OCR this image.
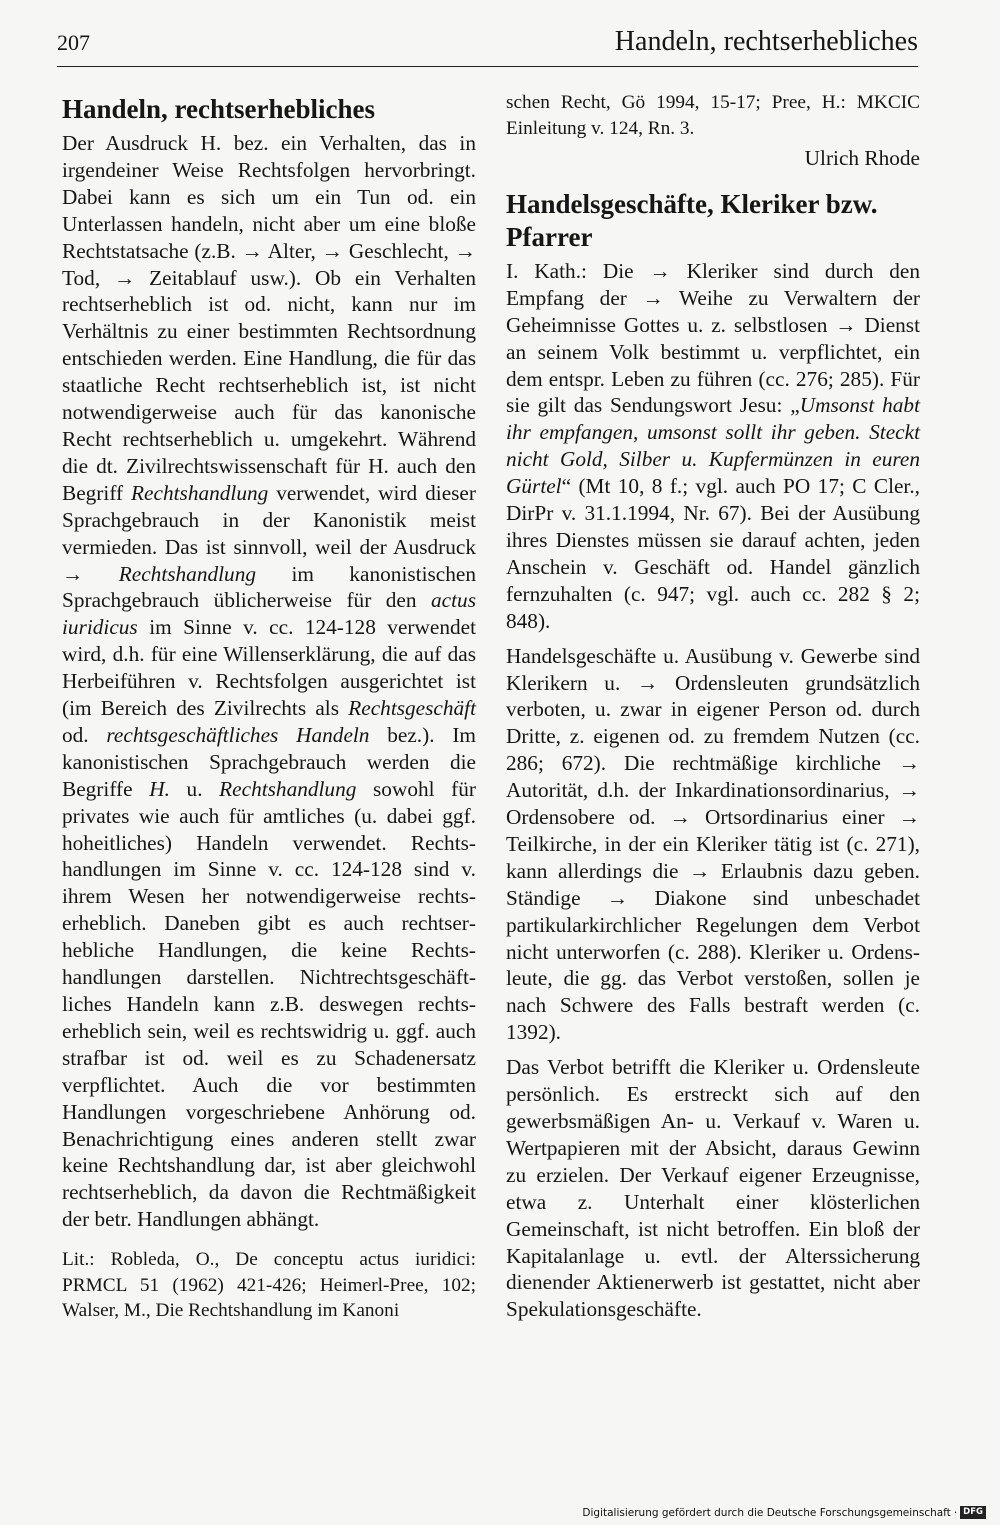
207	Handeln, rechtserhebliches
Handeln, rechtserhebliches

Der Ausdruck H. bez. ein Verhalten, das in irgendeiner Weise Rechtsfolgen hervorbringt. Dabei kann es sich um ein Tun od. ein Unterlassen handeln, nicht aber um eine bloße Rechtstatsache (z.B. → Alter, → Geschlecht, → Tod, → Zeitablauf usw.). Ob ein Verhalten rechtserheblich ist od. nicht, kann nur im Verhältnis zu einer bestimmten Rechtsordnung entschieden werden. Eine Handlung, die für das staatliche Recht rechtserheblich ist, ist nicht notwendigerweise auch für das kanonische Recht rechtserheblich u. umgekehrt. Während die dt. Zivilrechtswissenschaft für H. auch den Begriff Rechtshandlung verwendet, wird dieser Sprachgebrauch in der Kanonistik meist vermieden. Das ist sinnvoll, weil der Ausdruck → Rechtshandlung im kanonistischen Sprachgebrauch üblicherweise für den actus iuridicus im Sinne v. cc. 124-128 verwendet wird, d.h. für eine Willenserklärung, die auf das Herbeiführen v. Rechtsfolgen ausgerichtet ist (im Bereich des Zivilrechts als Rechtsgeschäft od. rechtsgeschäftliches Handeln bez.). Im kanonistischen Sprachgebrauch werden die Begriffe H. u. Rechtshandlung sowohl für privates wie auch für amtliches (u. dabei ggf. hoheitliches) Handeln verwendet. Rechtshandlungen im Sinne v. cc. 124-128 sind v. ihrem Wesen her notwendigerweise rechtserheblich. Daneben gibt es auch rechtserhebliche Handlungen, die keine Rechtshandlungen darstellen. Nichtrechtsgeschäftliches Handeln kann z.B. deswegen rechtserheblich sein, weil es rechtswidrig u. ggf. auch strafbar ist od. weil es zu Schadenersatz verpflichtet. Auch die vor bestimmten Handlungen vorgeschriebene Anhörung od. Benachrichtigung eines anderen stellt zwar keine Rechtshandlung dar, ist aber gleichwohl rechtserheblich, da davon die Rechtmäßigkeit der betr. Handlungen abhängt.

Lit.: Robleda, O., De conceptu actus iuridici: PRMCL 51 (1962) 421-426; Heimerl-Pree, 102; Walser, M., Die Rechtshandlung im Kanoni

schen Recht, Gö 1994, 15-17; Pree, H.: MKCIC Einleitung v. 124, Rn. 3.

Ulrich Rhode

Handelsgeschäfte, Kleriker bzw. Pfarrer

I. Kath.: Die → Kleriker sind durch den Empfang der → Weihe zu Verwaltern der Geheimnisse Gottes u. z. selbstlosen → Dienst an seinem Volk bestimmt u. verpflichtet, ein dem entspr. Leben zu führen (cc. 276; 285). Für sie gilt das Sendungswort Jesu: „Umsonst habt ihr empfangen, umsonst sollt ihr geben. Steckt nicht Gold, Silber u. Kupfermünzen in euren Gürtel“ (Mt 10, 8 f.; vgl. auch PO 17; C Cler., DirPr v. 31.1.1994, Nr. 67). Bei der Ausübung ihres Dienstes müssen sie darauf achten, jeden Anschein v. Geschäft od. Handel gänzlich fernzuhalten (c. 947; vgl. auch cc. 282 § 2; 848).

Handelsgeschäfte u. Ausübung v. Gewerbe sind Klerikern u. → Ordensleuten grundsätzlich verboten, u. zwar in eigener Person od. durch Dritte, z. eigenen od. zu fremdem Nutzen (cc. 286; 672). Die rechtmäßige kirchliche → Autorität, d.h. der Inkardinationsordinarius, → Ordensobere od. → Ortsordinarius einer → Teilkirche, in der ein Kleriker tätig ist (c. 271), kann allerdings die → Erlaubnis dazu geben. Ständige → Diakone sind unbeschadet partikularkirchlicher Regelungen dem Verbot nicht unterworfen (c. 288). Kleriker u. Ordensleute, die gg. das Verbot verstoßen, sollen je nach Schwere des Falls bestraft werden (c. 1392).

Das Verbot betrifft die Kleriker u. Ordensleute persönlich. Es erstreckt sich auf den gewerbsmäßigen An- u. Verkauf v. Waren u. Wertpapieren mit der Absicht, daraus Gewinn zu erzielen. Der Verkauf eigener Erzeugnisse, etwa z. Unterhalt einer klösterlichen Gemeinschaft, ist nicht betroffen. Ein bloß der Kapitalanlage u. evtl. der Alterssicherung dienender Aktienerwerb ist gestattet, nicht aber Spekulationsgeschäfte.

Digitalisierung gefördert durch die Deutsche Forschungsgemeinschaft · DFG
